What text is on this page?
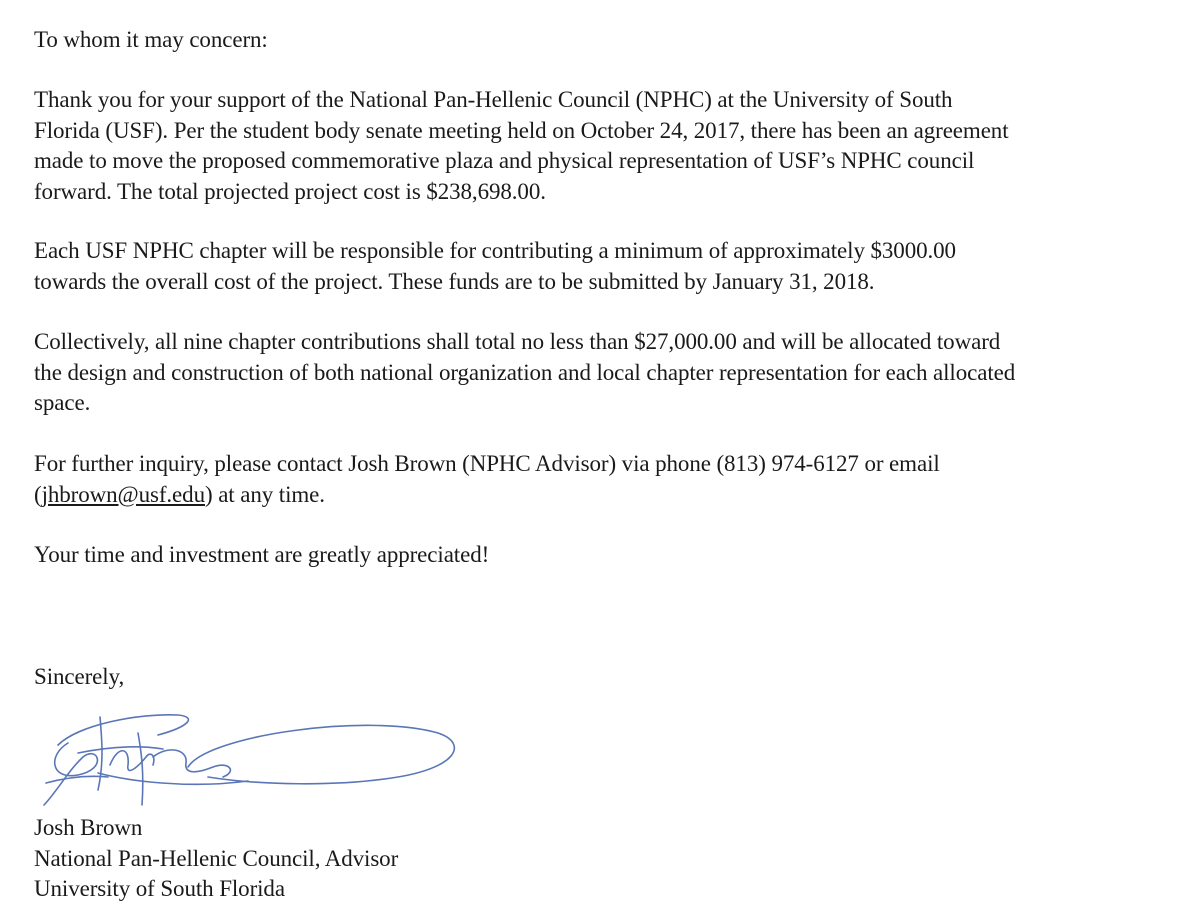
To whom it may concern:
Thank you for your support of the National Pan-Hellenic Council (NPHC) at the University of South
Florida (USF). Per the student body senate meeting held on October 24, 2017, there has been an agreement
made to move the proposed commemorative plaza and physical representation of USF’s NPHC council
forward. The total projected project cost is $238,698.00.
Each USF NPHC chapter will be responsible for contributing a minimum of approximately $3000.00
towards the overall cost of the project. These funds are to be submitted by January 31, 2018.
Collectively, all nine chapter contributions shall total no less than $27,000.00 and will be allocated toward
the design and construction of both national organization and local chapter representation for each allocated
space.
For further inquiry, please contact Josh Brown (NPHC Advisor) via phone (813) 974-6127 or email
(jhbrown@usf.edu) at any time.
Your time and investment are greatly appreciated!
Sincerely,
Josh Brown
National Pan-Hellenic Council, Advisor
University of South Florida
